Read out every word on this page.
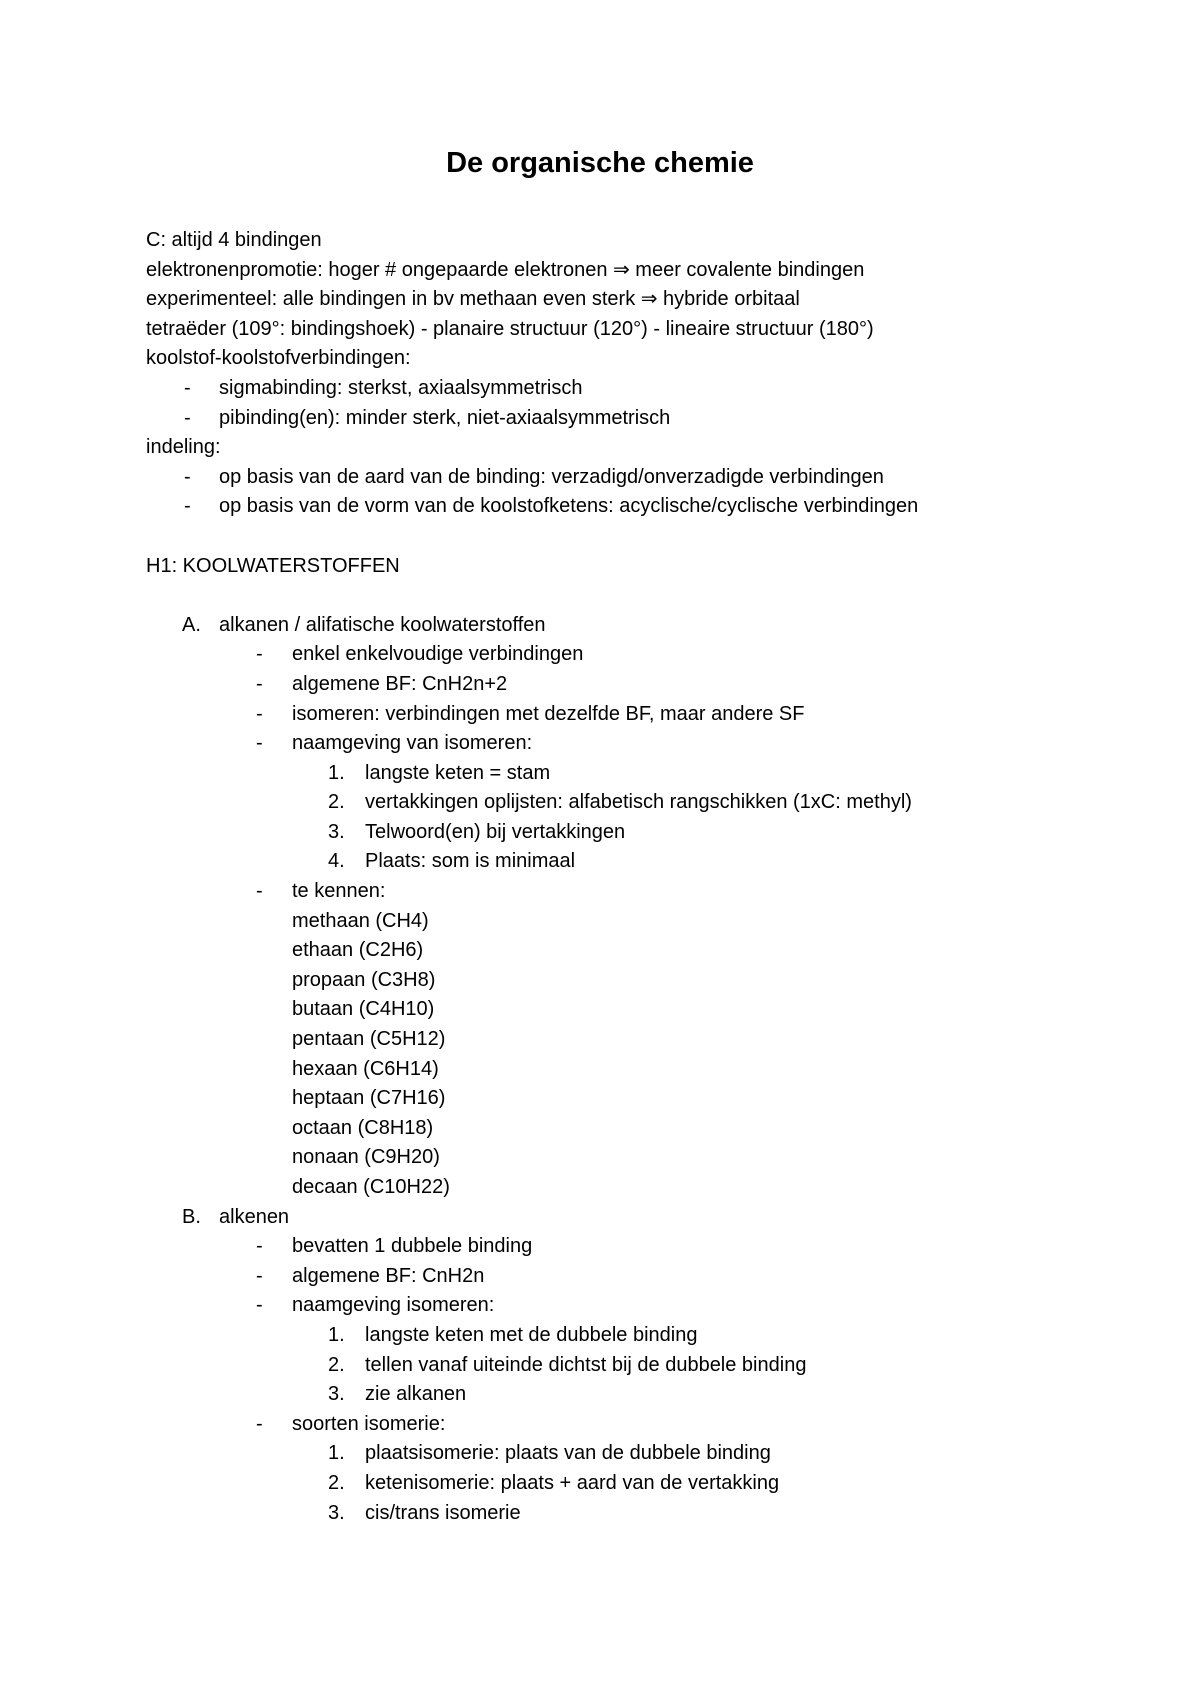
De organische chemie
C: altijd 4 bindingen
elektronenpromotie: hoger # ongepaarde elektronen ⇒ meer covalente bindingen
experimenteel: alle bindingen in bv methaan even sterk ⇒ hybride orbitaal
tetraëder (109°: bindingshoek) - planaire structuur (120°) - lineaire structuur (180°)
koolstof-koolstofverbindingen:
- sigmabinding: sterkst, axiaalsymmetrisch
- pibinding(en): minder sterk, niet-axiaalsymmetrisch
indeling:
- op basis van de aard van de binding: verzadigd/onverzadigde verbindingen
- op basis van de vorm van de koolstofketens: acyclische/cyclische verbindingen
H1: KOOLWATERSTOFFEN
A. alkanen / alifatische koolwaterstoffen
- enkel enkelvoudige verbindingen
- algemene BF: CnH2n+2
- isomeren: verbindingen met dezelfde BF, maar andere SF
- naamgeving van isomeren:
1. langste keten = stam
2. vertakkingen oplijsten: alfabetisch rangschikken (1xC: methyl)
3. Telwoord(en) bij vertakkingen
4. Plaats: som is minimaal
- te kennen:
methaan (CH4)
ethaan (C2H6)
propaan (C3H8)
butaan (C4H10)
pentaan (C5H12)
hexaan (C6H14)
heptaan (C7H16)
octaan (C8H18)
nonaan (C9H20)
decaan (C10H22)
B. alkenen
- bevatten 1 dubbele binding
- algemene BF: CnH2n
- naamgeving isomeren:
1. langste keten met de dubbele binding
2. tellen vanaf uiteinde dichtst bij de dubbele binding
3. zie alkanen
- soorten isomerie:
1. plaatsisomerie: plaats van de dubbele binding
2. ketenisomerie: plaats + aard van de vertakking
3. cis/trans isomerie
